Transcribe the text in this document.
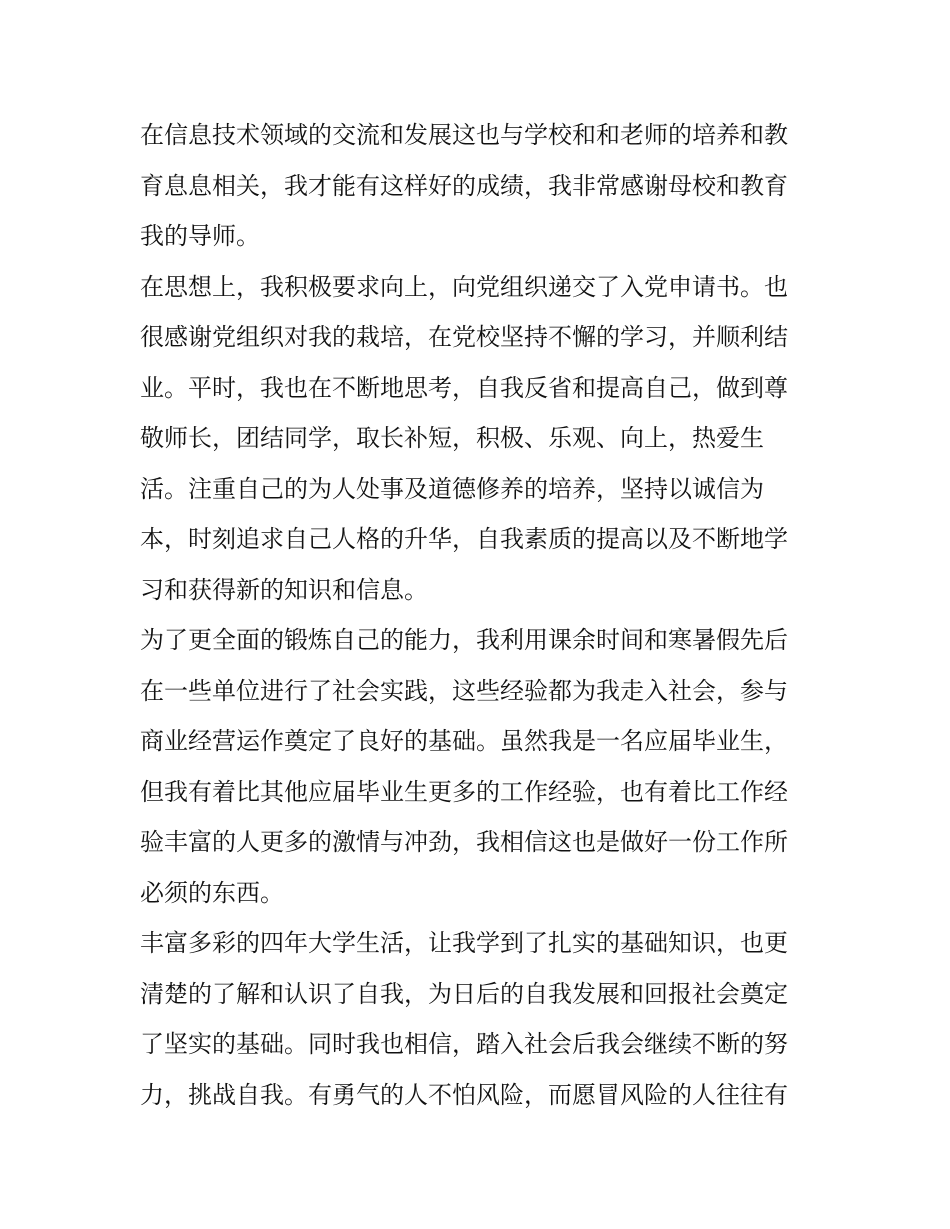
在信息技术领域的交流和发展这也与学校和和老师的培养和教
育息息相关，我才能有这样好的成绩，我非常感谢母校和教育
我的导师。
在思想上，我积极要求向上，向党组织递交了入党申请书。也
很感谢党组织对我的栽培，在党校坚持不懈的学习，并顺利结
业。平时，我也在不断地思考，自我反省和提高自己，做到尊
敬师长，团结同学，取长补短，积极、乐观、向上，热爱生
活。注重自己的为人处事及道德修养的培养，坚持以诚信为
本，时刻追求自己人格的升华，自我素质的提高以及不断地学
习和获得新的知识和信息。
为了更全面的锻炼自己的能力，我利用课余时间和寒暑假先后
在一些单位进行了社会实践，这些经验都为我走入社会，参与
商业经营运作奠定了良好的基础。虽然我是一名应届毕业生，
但我有着比其他应届毕业生更多的工作经验，也有着比工作经
验丰富的人更多的激情与冲劲，我相信这也是做好一份工作所
必须的东西。
丰富多彩的四年大学生活，让我学到了扎实的基础知识，也更
清楚的了解和认识了自我，为日后的自我发展和回报社会奠定
了坚实的基础。同时我也相信，踏入社会后我会继续不断的努
力，挑战自我。有勇气的人不怕风险，而愿冒风险的人往往有
